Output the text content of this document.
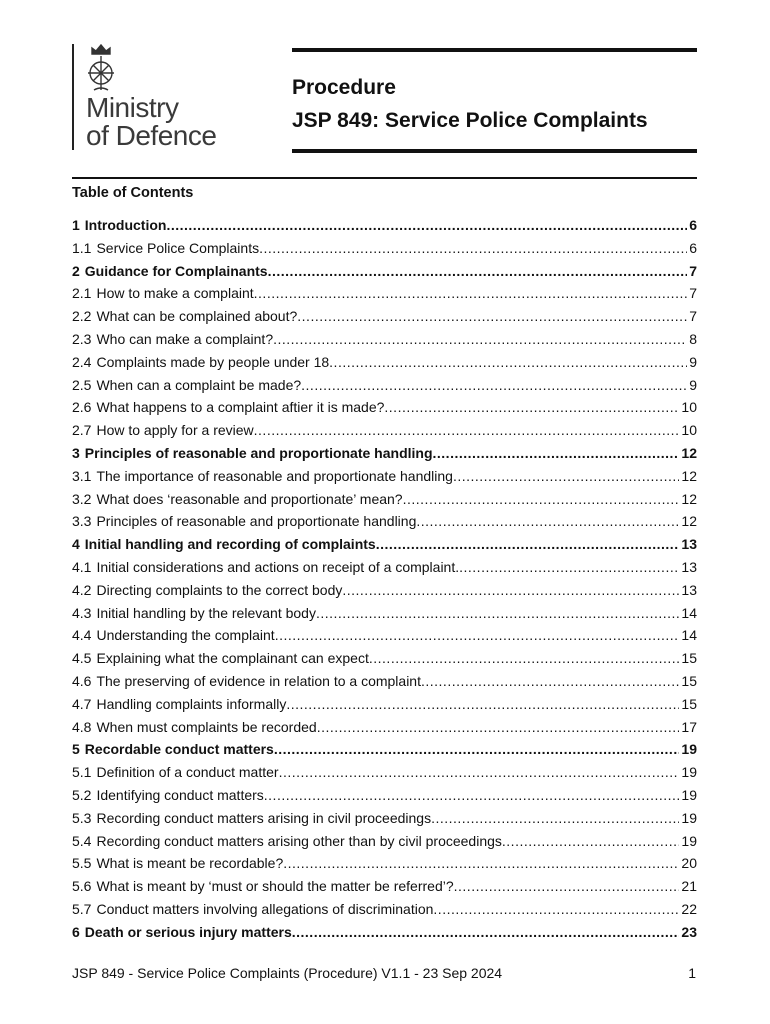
Ministry
of Defence
Procedure
JSP 849: Service Police Complaints
Table of Contents
1 Introduction .....	6
1.1 Service Police Complaints .....	6
2 Guidance for Complainants .....	7
2.1 How to make a complaint .....	7
2.2 What can be complained about? .....	7
2.3 Who can make a complaint? .....	8
2.4 Complaints made by people under 18 .....	9
2.5 When can a complaint be made? .....	9
2.6 What happens to a complaint aftier it is made? .....	10
2.7 How to apply for a review .....	10
3 Principles of reasonable and proportionate handling .....	12
3.1 The importance of reasonable and proportionate handling .....	12
3.2 What does ‘reasonable and proportionate’ mean? .....	12
3.3 Principles of reasonable and proportionate handling .....	12
4 Initial handling and recording of complaints .....	13
4.1 Initial considerations and actions on receipt of a complaint. .....	13
4.2 Directing complaints to the correct body .....	13
4.3 Initial handling by the relevant body .....	14
4.4 Understanding the complaint .....	14
4.5 Explaining what the complainant can expect .....	15
4.6 The preserving of evidence in relation to a complaint .....	15
4.7 Handling complaints informally .....	15
4.8 When must complaints be recorded .....	17
5 Recordable conduct matters .....	19
5.1 Definition of a conduct matter .....	19
5.2 Identifying conduct matters .....	19
5.3 Recording conduct matters arising in civil proceedings .....	19
5.4 Recording conduct matters arising other than by civil proceedings .....	19
5.5 What is meant be recordable? .....	20
5.6 What is meant by ‘must or should the matter be referred’? .....	21
5.7 Conduct matters involving allegations of discrimination .....	22
6 Death or serious injury matters .....	23
JSP 849 - Service Police Complaints (Procedure) V1.1 - 23 Sep 2024	1
